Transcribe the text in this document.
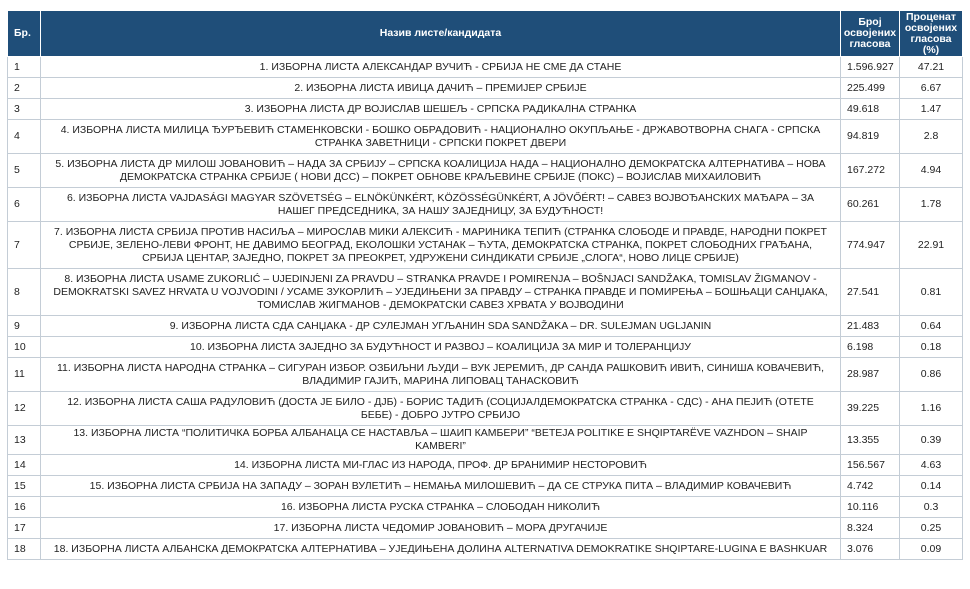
Бр.	Назив листе/кандидата	Број освојених гласова	Проценат освојених гласова (%)
1	1. ИЗБОРНА ЛИСТА АЛЕКСАНДАР ВУЧИЋ - СРБИЈА НЕ СМЕ ДА СТАНЕ	1.596.927	47.21
2	2. ИЗБОРНА ЛИСТА ИВИЦА ДАЧИЋ – ПРЕМИЈЕР СРБИЈЕ	225.499	6.67
3	3. ИЗБОРНА ЛИСТА ДР ВОЈИСЛАВ ШЕШЕЉ - СРПСКА РАДИКАЛНА СТРАНКА	49.618	1.47
4	4. ИЗБОРНА ЛИСТА МИЛИЦА ЂУРЂЕВИЋ СТАМЕНКОВСКИ - БОШКО ОБРАДОВИЋ - НАЦИОНАЛНО ОКУПЉАЊЕ - ДРЖАВОТВОРНА СНАГА - СРПСКА СТРАНКА ЗАВЕТНИЦИ - СРПСКИ ПОКРЕТ ДВЕРИ	94.819	2.8
5	5. ИЗБОРНА ЛИСТА ДР МИЛОШ ЈОВАНОВИЋ – НАДА ЗА СРБИЈУ – СРПСКА КОАЛИЦИЈА НАДА – НАЦИОНАЛНО ДЕМОКРАТСКА АЛТЕРНАТИВА – НОВА ДЕМОКРАТСКА СТРАНКА СРБИЈЕ ( НОВИ ДСС) – ПОКРЕТ ОБНОВЕ КРАЉЕВИНЕ СРБИЈЕ (ПОКС) – ВОЈИСЛАВ МИХАИЛОВИЋ	167.272	4.94
6	6. ИЗБОРНА ЛИСТА VAJDASÁGI MAGYAR SZÖVETSÉG – ELNÖKÜNKÉRT, KÖZÖSSÉGÜNKÉRT, A JÖVŐÉRT! – САВЕЗ ВОЈВОЂАНСКИХ МАЂАРА – ЗА НАШЕГ ПРЕДСЕДНИКА, ЗА НАШУ ЗАЈЕДНИЦУ, ЗА БУДУЋНОСТ!	60.261	1.78
7	7. ИЗБОРНА ЛИСТА СРБИЈА ПРОТИВ НАСИЉА – МИРОСЛАВ МИКИ АЛЕКСИЋ - МАРИНИКА ТЕПИЋ (СТРАНКА СЛОБОДЕ И ПРАВДЕ, НАРОДНИ ПОКРЕТ СРБИЈЕ, ЗЕЛЕНО-ЛЕВИ ФРОНТ, НЕ ДАВИМО БЕОГРАД, ЕКОЛОШКИ УСТАНАК – ЋУТА, ДЕМОКРАТСКА СТРАНКА, ПОКРЕТ СЛОБОДНИХ ГРАЂАНА, СРБИЈА ЦЕНТАР, ЗАЈЕДНО, ПОКРЕТ ЗА ПРЕОКРЕТ, УДРУЖЕНИ СИНДИКАТИ СРБИЈЕ „СЛОГА“, НОВО ЛИЦЕ СРБИЈЕ)	774.947	22.91
8	8. ИЗБОРНА ЛИСТА USAME ZUKORLIĆ – UJEDINJENI ZA PRAVDU – STRANKA PRAVDE I POMIRENJA – BOŠNJACI SANDŽAKA, TOMISLAV ŽIGMANOV - DEMOKRATSKI SAVEZ HRVATA U VOJVODINI / УСАМЕ ЗУКОРЛИЋ – УЈЕДИЊЕНИ ЗА ПРАВДУ – СТРАНКА ПРАВДЕ И ПОМИРЕЊА – БОШЊАЦИ САНЏАКА, ТОМИСЛАВ ЖИГМАНОВ - ДЕМОКРАТСКИ САВЕЗ ХРВАТА У ВОЈВОДИНИ	27.541	0.81
9	9. ИЗБОРНА ЛИСТА СДА САНЏАКА - ДР СУЛЕЈМАН УГЉАНИН SDA SANDŽAKA – DR. SULEJMAN UGLJANIN	21.483	0.64
10	10. ИЗБОРНА ЛИСТА ЗАЈЕДНО ЗА БУДУЋНОСТ И РАЗВОЈ – КОАЛИЦИЈА ЗА МИР И ТОЛЕРАНЦИЈУ	6.198	0.18
11	11. ИЗБОРНА ЛИСТА НАРОДНА СТРАНКА – СИГУРАН ИЗБОР. ОЗБИЉНИ ЉУДИ – ВУК ЈЕРЕМИЋ, ДР САНДА РАШКОВИЋ ИВИЋ, СИНИША КОВАЧЕВИЋ, ВЛАДИМИР ГАЈИЋ, МАРИНА ЛИПОВАЦ ТАНАСКОВИЋ	28.987	0.86
12	12. ИЗБОРНА ЛИСТА САША РАДУЛОВИЋ (ДОСТА ЈЕ БИЛО - ДЈБ) - БОРИС ТАДИЋ (СОЦИЈАЛДЕМОКРАТСКА СТРАНКА - СДС) - АНА ПЕЈИЋ (ОТЕТЕ БЕБЕ) - ДОБРО ЈУТРО СРБИЈО	39.225	1.16
13	13. ИЗБОРНА ЛИСТА “ПОЛИТИЧКА БОРБА АЛБАНАЦА СЕ НАСТАВЉА – ШАИП КАМБЕРИ” “BETEJA POLITIKE E SHQIPTARËVE VAZHDON – SHAIP KAMBERI”	13.355	0.39
14	14. ИЗБОРНА ЛИСТА МИ-ГЛАС ИЗ НАРОДА, ПРОФ. ДР БРАНИМИР НЕСТОРОВИЋ	156.567	4.63
15	15. ИЗБОРНА ЛИСТА СРБИЈА НА ЗАПАДУ – ЗОРАН ВУЛЕТИЋ – НЕМАЊА МИЛОШЕВИЋ – ДА СЕ СТРУКА ПИТА – ВЛАДИМИР КОВАЧЕВИЋ	4.742	0.14
16	16. ИЗБОРНА ЛИСТА РУСКА СТРАНКА – СЛОБОДАН НИКОЛИЋ	10.116	0.3
17	17. ИЗБОРНА ЛИСТА ЧЕДОМИР ЈОВАНОВИЋ – МОРА ДРУГАЧИЈЕ	8.324	0.25
18	18. ИЗБОРНА ЛИСТА АЛБАНСКА ДЕМОКРАТСКА АЛТЕРНАТИВА – УЈЕДИЊЕНА ДОЛИНА ALTERNATIVA DEMOKRATIKE SHQIPTARE-LUGINA E BASHKUAR	3.076	0.09
